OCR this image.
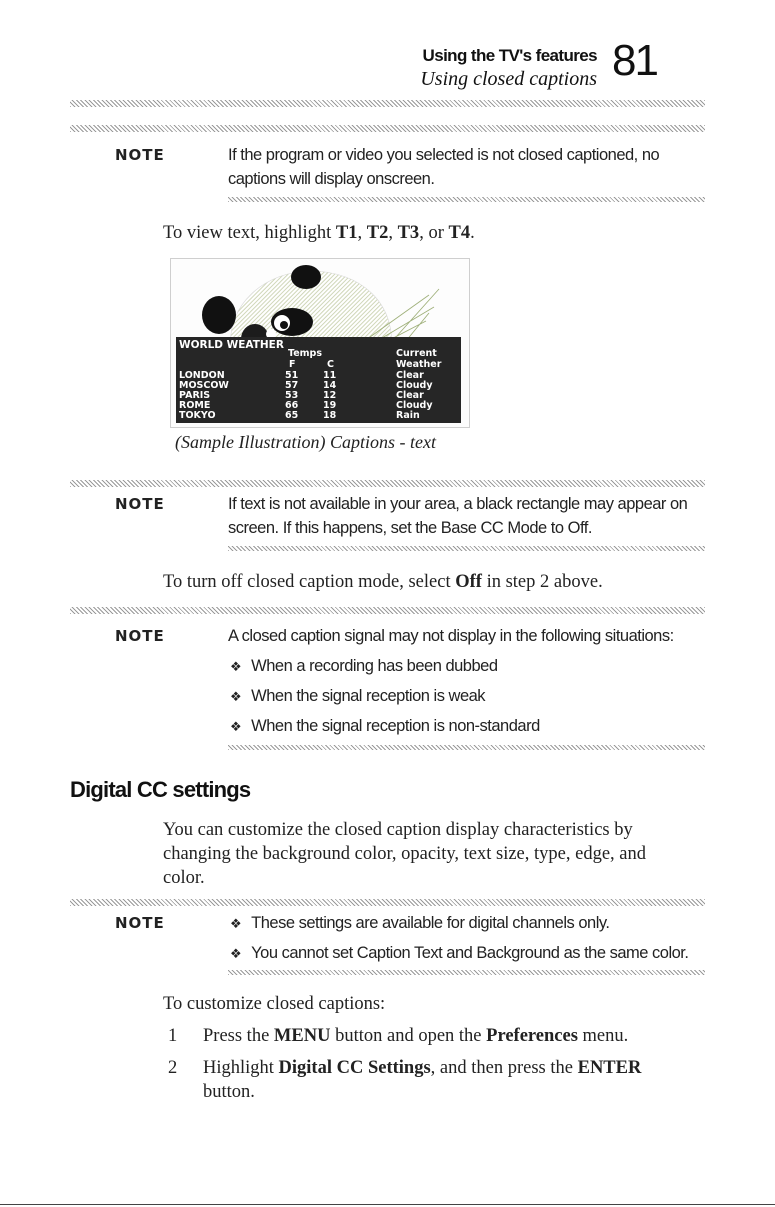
Using the TV's features
Using closed captions 81
NOTE	If the program or video you selected is not closed captioned, no
captions will display onscreen.
To view text, highlight T1, T2, T3, or T4.
WORLD WEATHER
Temps	Current
F	C	Weather
LONDON	51	11	Clear
MOSCOW	57	14	Cloudy
PARIS	53	12	Clear
ROME	66	19	Cloudy
TOKYO	65	18	Rain
(Sample Illustration) Captions - text
NOTE	If text is not available in your area, a black rectangle may appear on
screen. If this happens, set the Base CC Mode to Off.
To turn off closed caption mode, select Off in step 2 above.
NOTE	A closed caption signal may not display in the following situations:
❖ When a recording has been dubbed
❖ When the signal reception is weak
❖ When the signal reception is non-standard
Digital CC settings
You can customize the closed caption display characteristics by
changing the background color, opacity, text size, type, edge, and
color.
NOTE	❖ These settings are available for digital channels only.
❖ You cannot set Caption Text and Background as the same color.
To customize closed captions:
1 Press the MENU button and open the Preferences menu.
2 Highlight Digital CC Settings, and then press the ENTER
button.
